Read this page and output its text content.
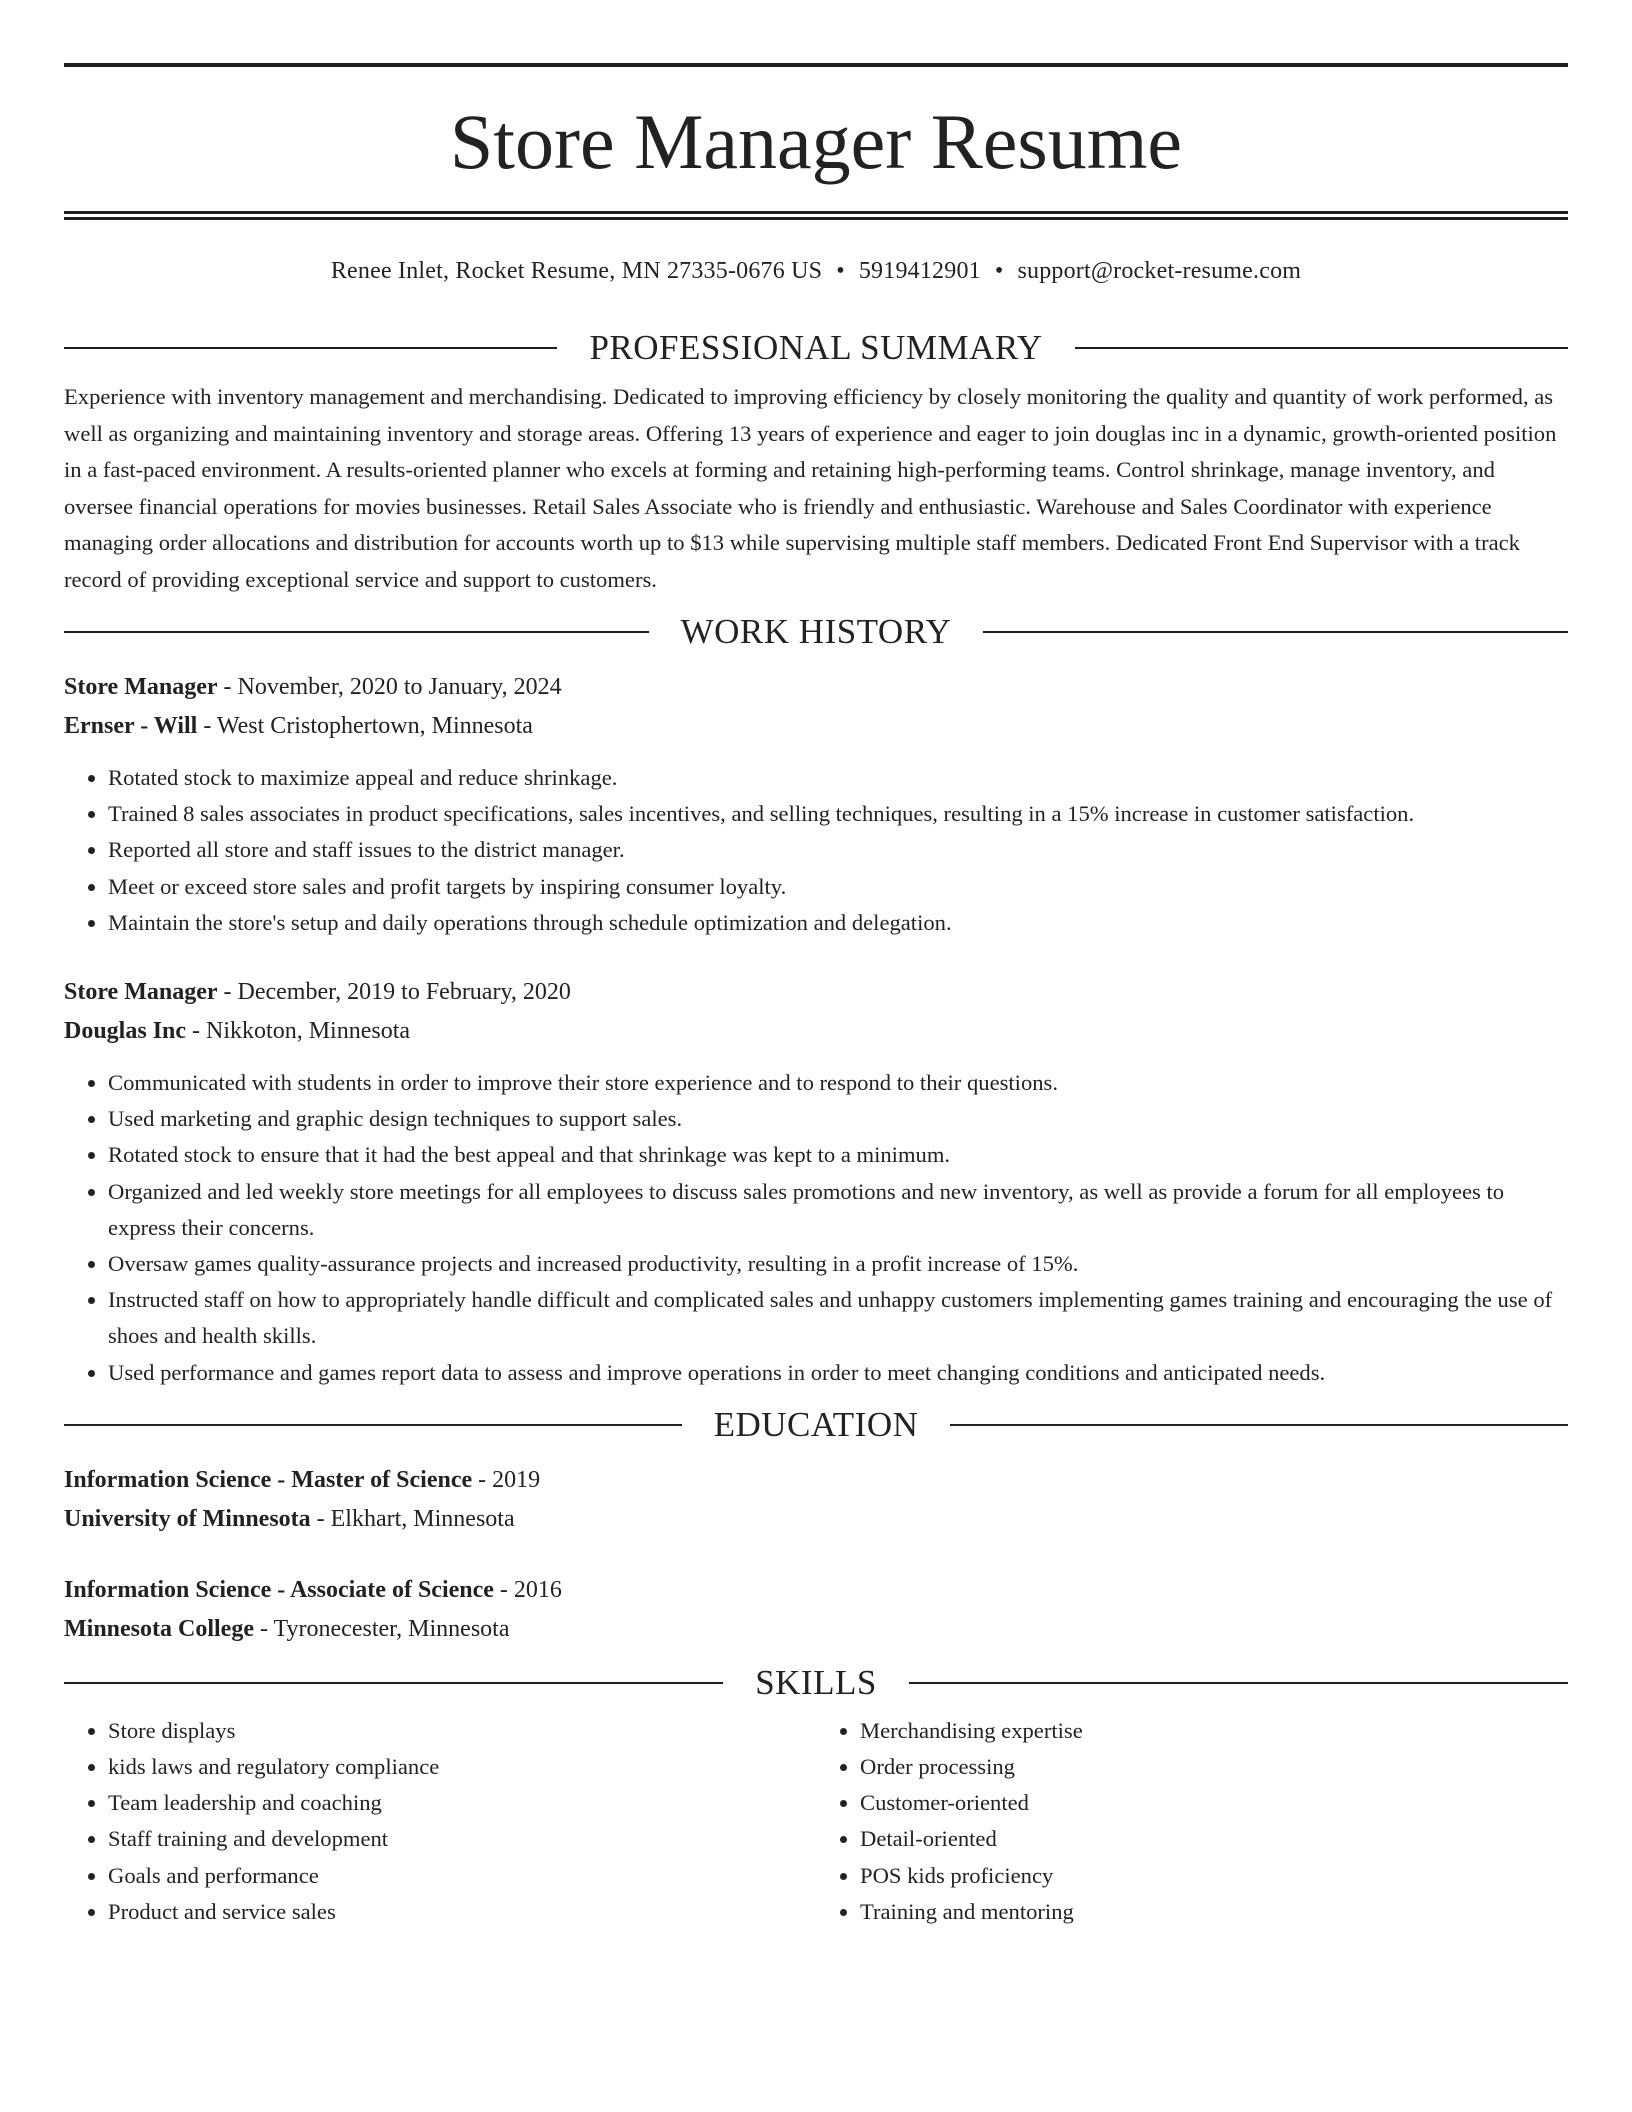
Store Manager Resume
Renee Inlet, Rocket Resume, MN 27335-0676 US • 5919412901 • support@rocket-resume.com
PROFESSIONAL SUMMARY

Experience with inventory management and merchandising. Dedicated to improving efficiency by closely monitoring the quality and quantity of work performed, as well as organizing and maintaining inventory and storage areas. Offering 13 years of experience and eager to join douglas inc in a dynamic, growth-oriented position in a fast-paced environment. A results-oriented planner who excels at forming and retaining high-performing teams. Control shrinkage, manage inventory, and oversee financial operations for movies businesses. Retail Sales Associate who is friendly and enthusiastic. Warehouse and Sales Coordinator with experience managing order allocations and distribution for accounts worth up to $13 while supervising multiple staff members. Dedicated Front End Supervisor with a track record of providing exceptional service and support to customers.

WORK HISTORY

Store Manager - November, 2020 to January, 2024

Ernser - Will - West Cristophertown, Minnesota

• Rotated stock to maximize appeal and reduce shrinkage.
• Trained 8 sales associates in product specifications, sales incentives, and selling techniques, resulting in a 15% increase in customer satisfaction.
• Reported all store and staff issues to the district manager.
• Meet or exceed store sales and profit targets by inspiring consumer loyalty.
• Maintain the store's setup and daily operations through schedule optimization and delegation.

Store Manager - December, 2019 to February, 2020

Douglas Inc - Nikkoton, Minnesota

• Communicated with students in order to improve their store experience and to respond to their questions.
• Used marketing and graphic design techniques to support sales.
• Rotated stock to ensure that it had the best appeal and that shrinkage was kept to a minimum.
• Organized and led weekly store meetings for all employees to discuss sales promotions and new inventory, as well as provide a forum for all employees to express their concerns.
• Oversaw games quality-assurance projects and increased productivity, resulting in a profit increase of 15%.
• Instructed staff on how to appropriately handle difficult and complicated sales and unhappy customers implementing games training and encouraging the use of shoes and health skills.
• Used performance and games report data to assess and improve operations in order to meet changing conditions and anticipated needs.
EDUCATION

Information Science - Master of Science - 2019

University of Minnesota - Elkhart, Minnesota

Information Science - Associate of Science - 2016

Minnesota College - Tyronecester, Minnesota

SKILLS
• Store displays
• kids laws and regulatory compliance
• Team leadership and coaching
• Staff training and development
• Goals and performance
• Product and service sales
• Merchandising expertise
• Order processing
• Customer-oriented
• Detail-oriented
• POS kids proficiency
• Training and mentoring
